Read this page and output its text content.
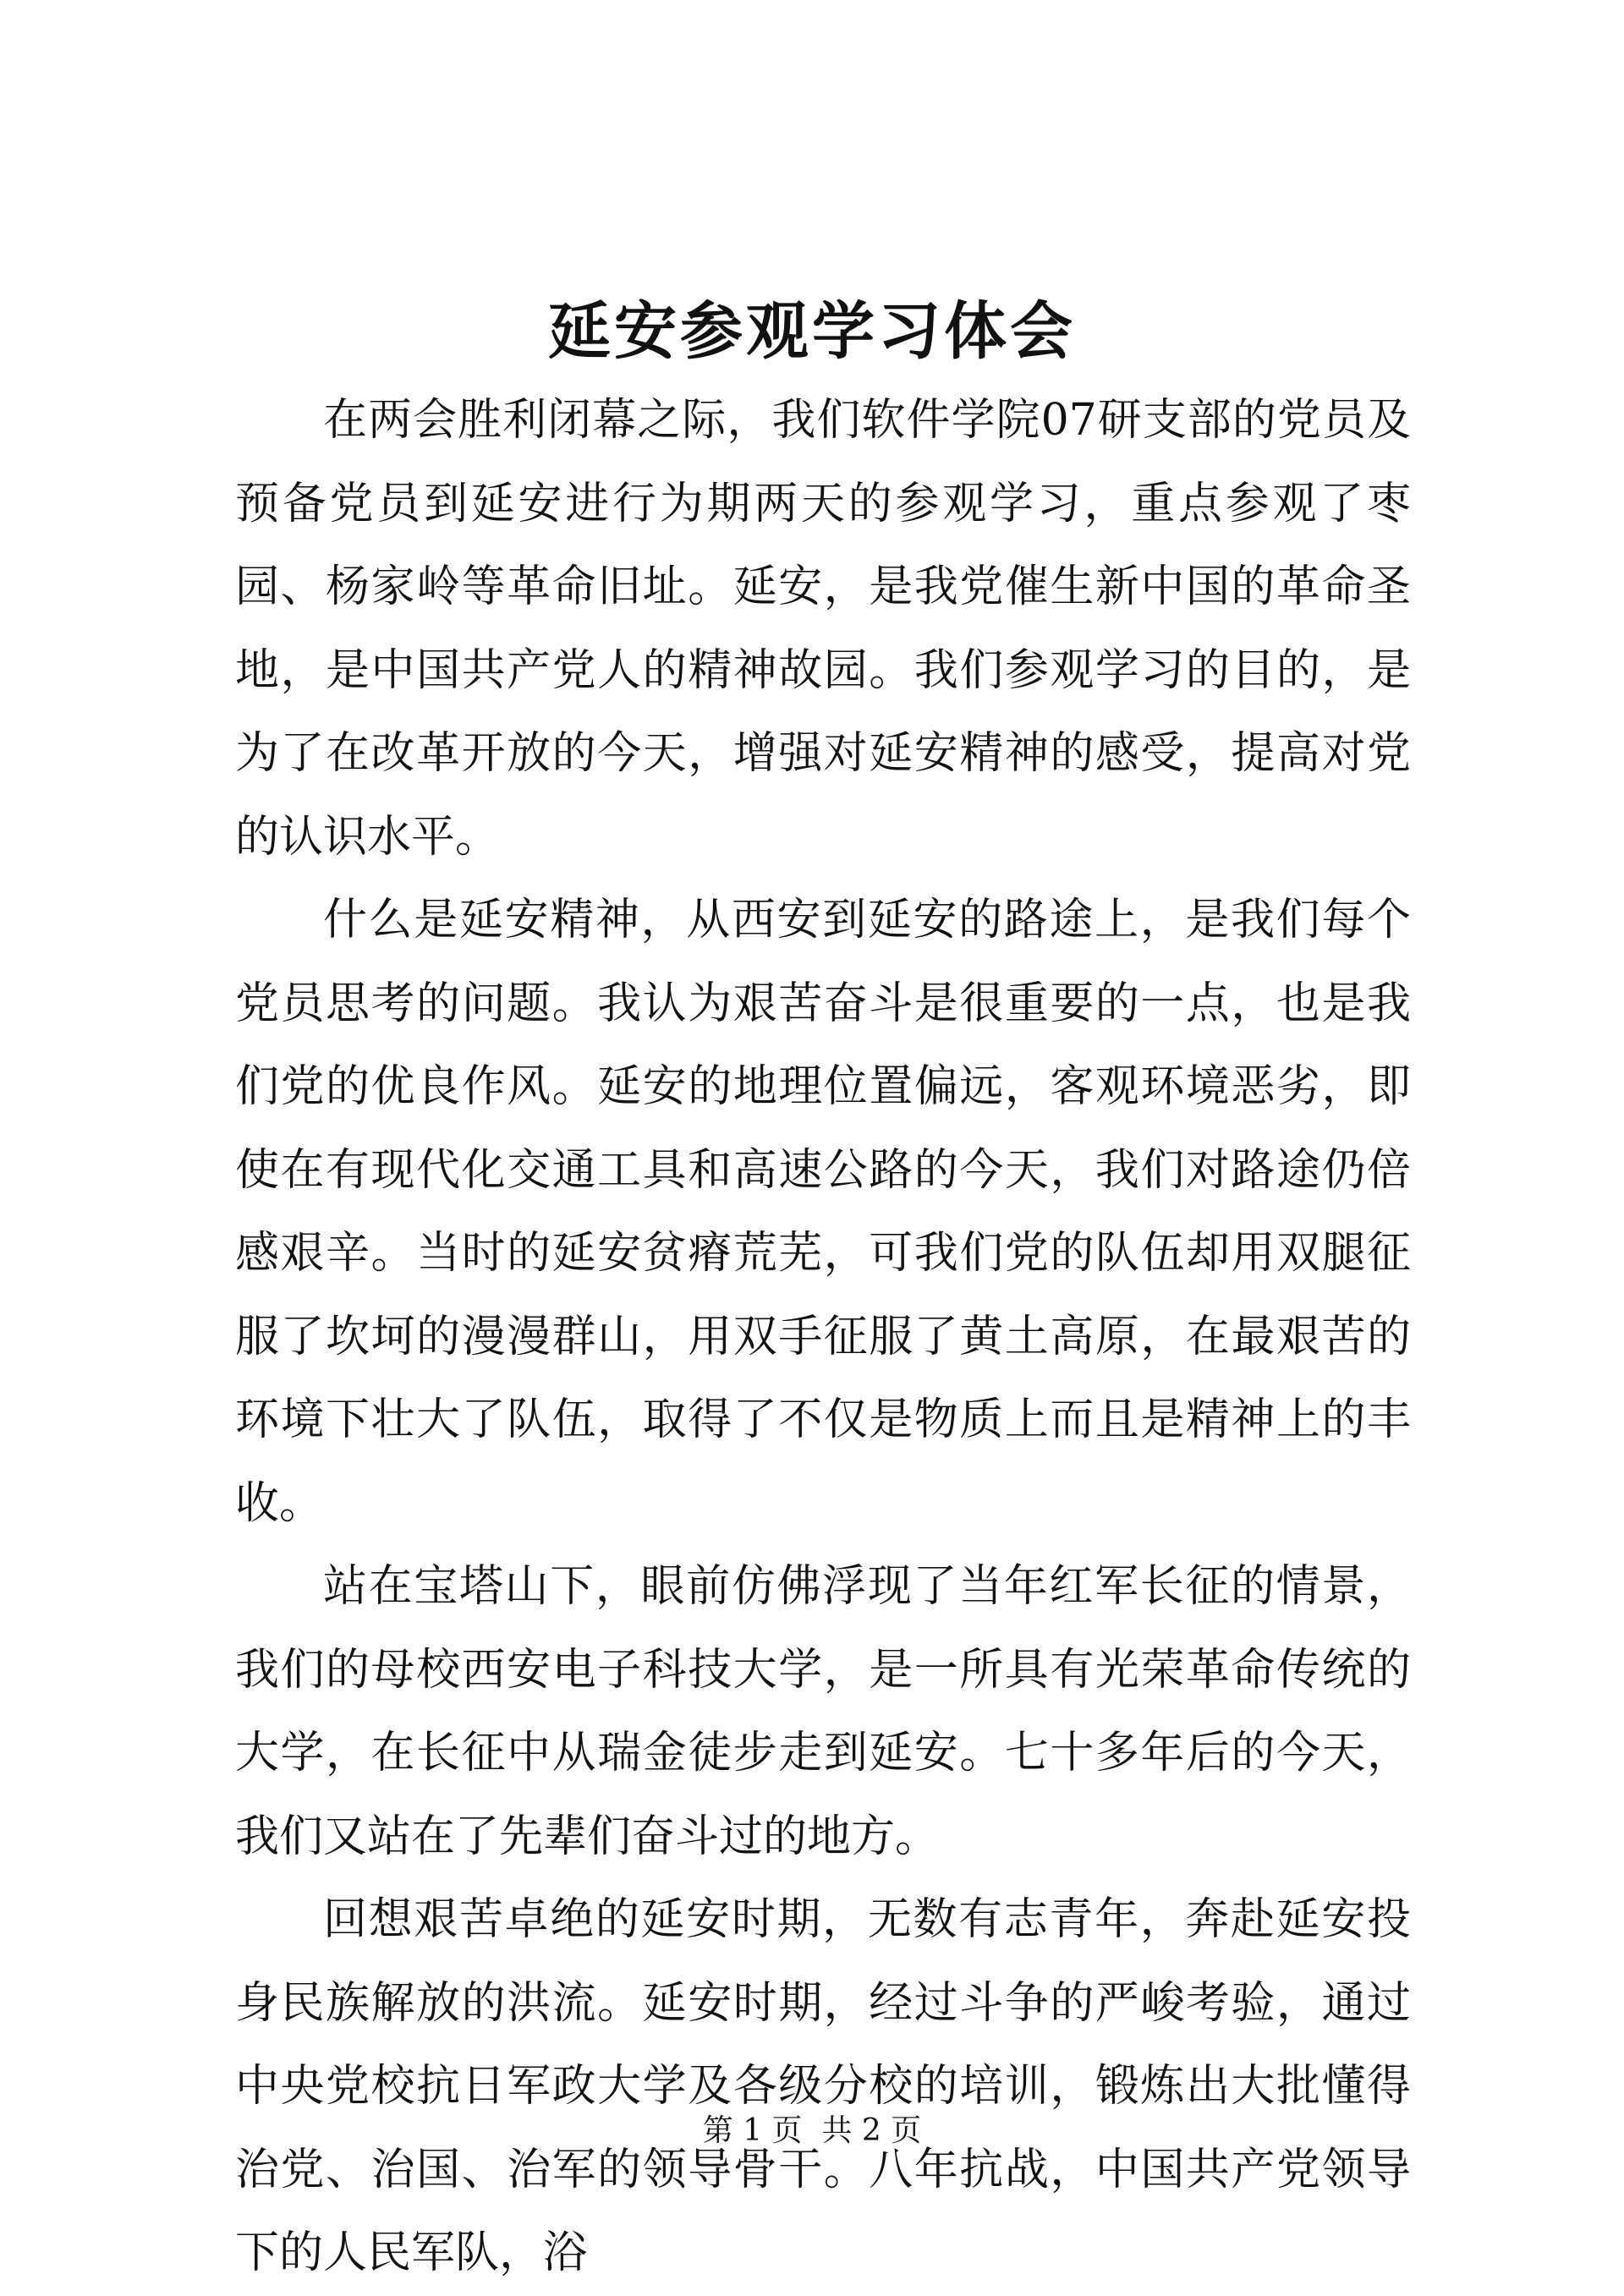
延安参观学习体会

在两会胜利闭幕之际，我们软件学院07研支部的党员及预备党员到延安进行为期两天的参观学习，重点参观了枣园、杨家岭等革命旧址。延安，是我党催生新中国的革命圣地，是中国共产党人的精神故园。我们参观学习的目的，是为了在改革开放的今天，增强对延安精神的感受，提高对党的认识水平。

什么是延安精神，从西安到延安的路途上，是我们每个党员思考的问题。我认为艰苦奋斗是很重要的一点，也是我们党的优良作风。延安的地理位置偏远，客观环境恶劣，即使在有现代化交通工具和高速公路的今天，我们对路途仍倍感艰辛。当时的延安贫瘠荒芜，可我们党的队伍却用双腿征服了坎坷的漫漫群山，用双手征服了黄土高原，在最艰苦的环境下壮大了队伍，取得了不仅是物质上而且是精神上的丰收。

站在宝塔山下，眼前仿佛浮现了当年红军长征的情景，我们的母校西安电子科技大学，是一所具有光荣革命传统的大学，在长征中从瑞金徒步走到延安。七十多年后的今天，我们又站在了先辈们奋斗过的地方。

回想艰苦卓绝的延安时期，无数有志青年，奔赴延安投身民族解放的洪流。延安时期，经过斗争的严峻考验，通过中央党校抗日军政大学及各级分校的培训，锻炼出大批懂得治党、治国、治军的领导骨干。八年抗战，中国共产党领导下的人民军队，浴

第 1 页 共 2 页
